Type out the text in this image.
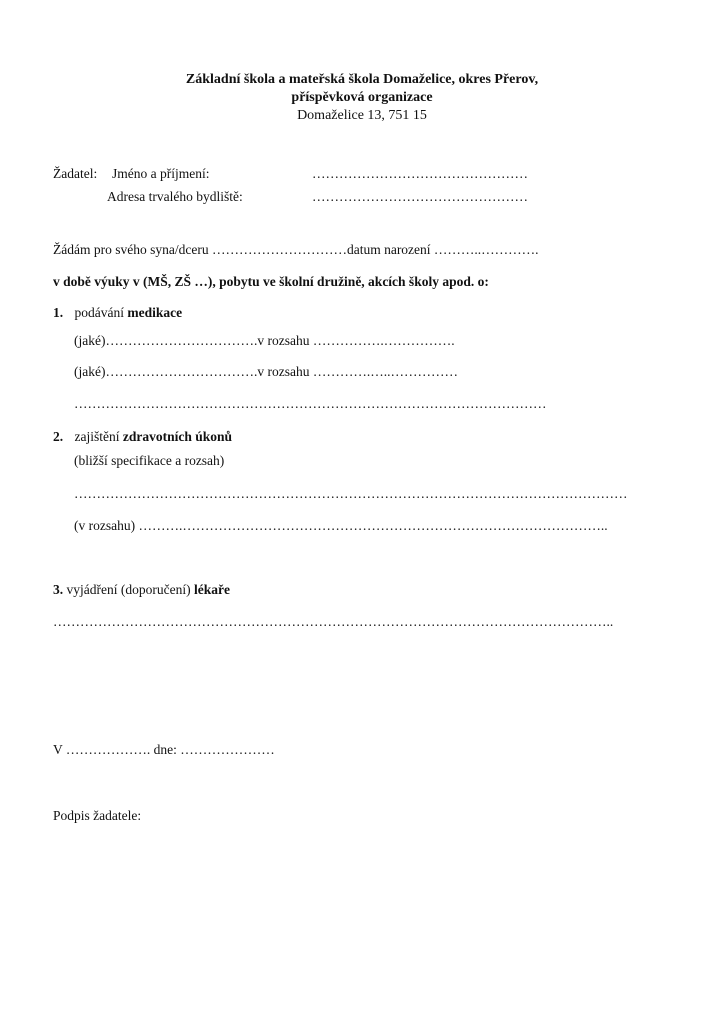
Základní škola a mateřská škola Domaželice, okres Přerov,
příspěvková organizace
Domaželice 13, 751 15
Žadatel: Jméno a příjmení:	…………………………………………
Adresa trvalého bydliště:	…………………………………………
Žádám pro svého syna/dceru …………………………datum narození ………..………….
v době výuky v (MŠ, ZŠ …), pobytu ve školní družině, akcích školy apod. o:
1. podávání medikace
(jaké)…………………………….v rozsahu …………….…………….
(jaké)…………………………….v rozsahu ………….…..……………
……………………………………………………………………………………………
2. zajištění zdravotních úkonů
(bližší specifikace a rozsah)
……………………………………………………………………………………………………………
(v rozsahu) ……….…………………………………………………………………………………..
3. vyjádření (doporučení) lékaře
……………………………………………………………………………………………………………..
V ………………. dne: …………………
Podpis žadatele:
